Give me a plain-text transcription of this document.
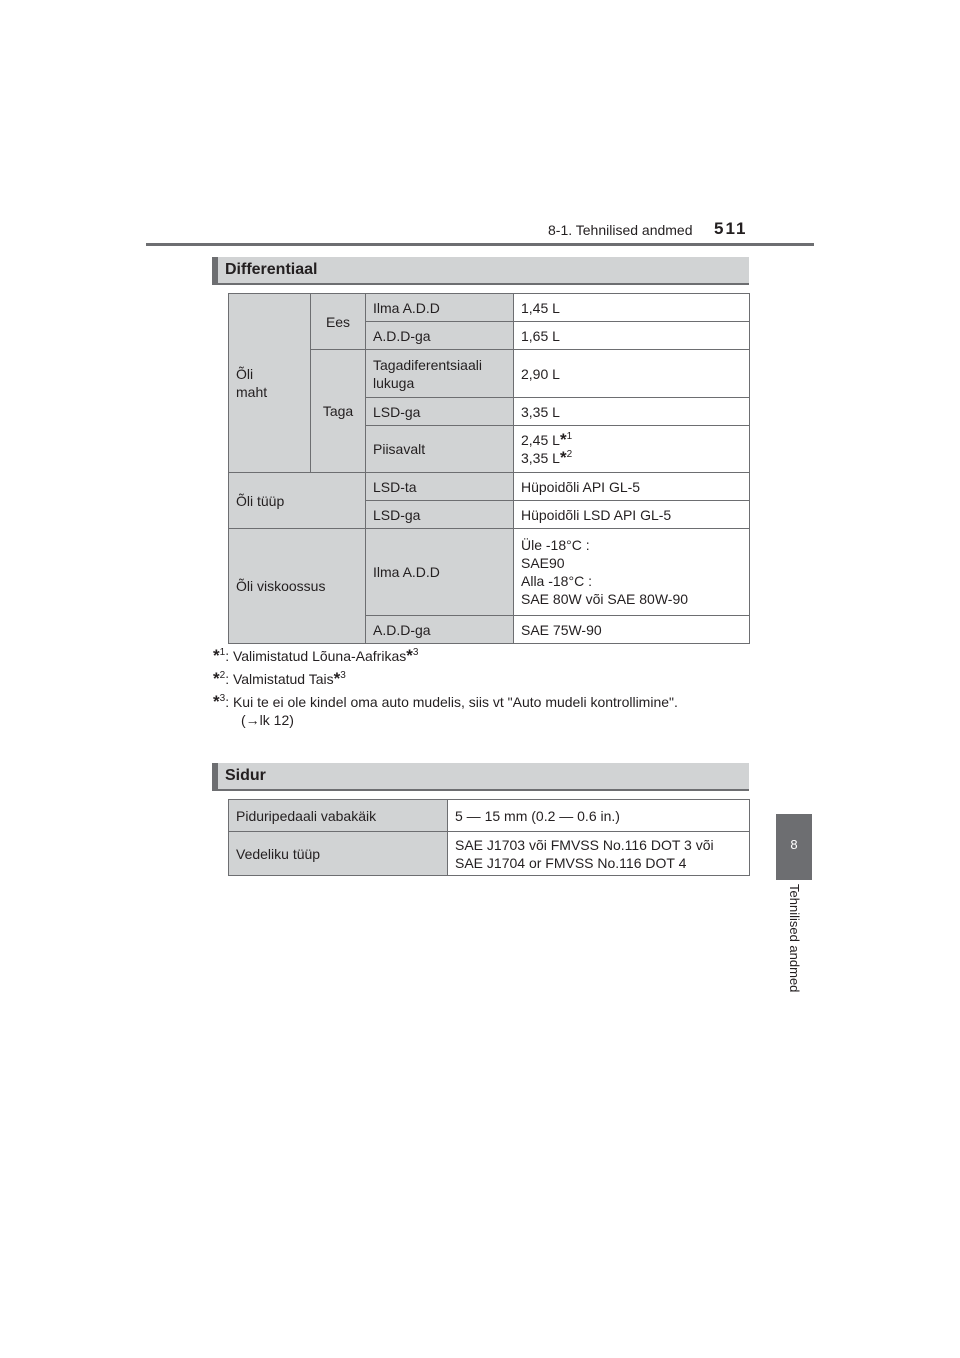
8-1. Tehnilised andmed 511
8
Tehnilised andmed
Differentiaal
Õli
maht	Ees	Ilma A.D.D	1,45 L
		A.D.D-ga	1,65 L
	Taga	Tagadiferentsiaali
lukuga	2,90 L
		LSD-ga	3,35 L
		Piisavalt	2,45 L*$^1$
3,35 L*$^2$

Õli tüüp		LSD-ta	Hüpoidõli API GL-5
		LSD-ga	Hüpoidõli LSD API GL-5
Õli viskoossus		Ilma A.D.D	Üle -18°C :
SAE90
Alla -18°C :
SAE 80W või SAE 80W-90
		A.D.D-ga	SAE 75W-90
*$^1$: Valimistatud Lõuna-Aafrikas*$^3$
*$^2$: Valmistatud Tais*$^3$
*$^3$: Kui te ei ole kindel oma auto mudelis, siis vt "Auto mudeli kontrollimine".
(→lk 12)
Sidur
Piduripedaali vabakäik	5 — 15 mm (0.2 — 0.6 in.)
Vedeliku tüüp	SAE J1703 või FMVSS No.116 DOT 3 või
SAE J1704 or FMVSS No.116 DOT 4
